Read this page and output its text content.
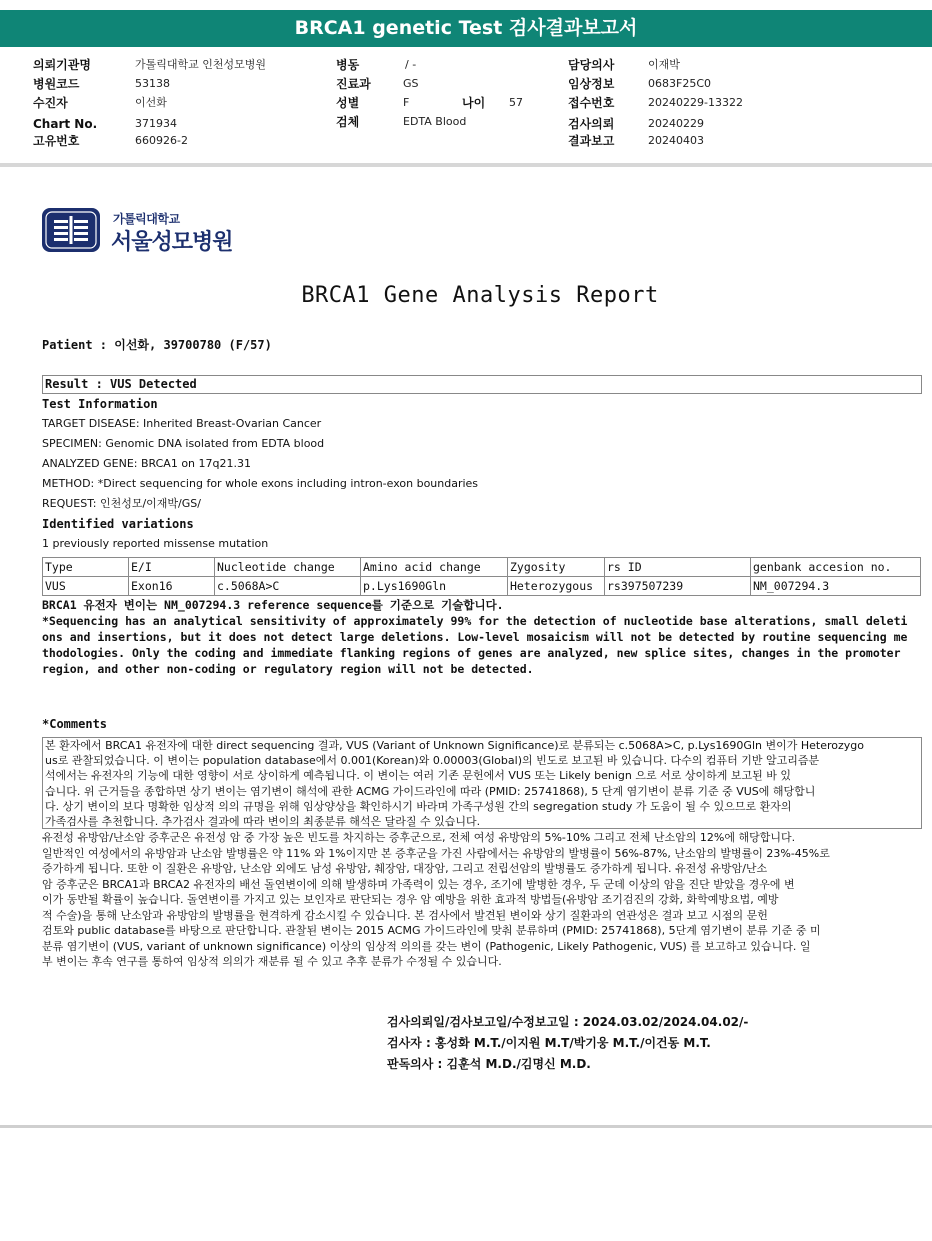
BRCA1 genetic Test 검사결과보고서
의뢰기관명	가톨릭대학교 인천성모병원
병원코드	53138
수진자	이선화
Chart No.	371934
고유번호	660926-2
병동	/ -
진료과	GS
성별	F	나이 57
검체	EDTA Blood
담당의사	이재박
임상정보	0683F25C0
접수번호	20240229-13322
검사의뢰	20240229
결과보고	20240403
가톨릭대학교
서울성모병원
BRCA1 Gene Analysis Report
Patient : 이선화, 39700780 (F/57)
Result : VUS Detected
Test Information
TARGET DISEASE: Inherited Breast-Ovarian Cancer
SPECIMEN: Genomic DNA isolated from EDTA blood
ANALYZED GENE: BRCA1 on 17q21.31
METHOD: *Direct sequencing for whole exons including intron-exon boundaries
REQUEST: 인천성모/이재박/GS/
Identified variations
1 previously reported missense mutation
Type	E/I	Nucleotide change	Amino acid change	Zygosity	rs ID	genbank accesion no.
VUS	Exon16	c.5068A>C	p.Lys1690Gln	Heterozygous	rs397507239	NM_007294.3
BRCA1 유전자 변이는 NM_007294.3 reference sequence를 기준으로 기술합니다.
*Sequencing has an analytical sensitivity of approximately 99% for the detection of nucleotide base alterations, small deleti
ons and insertions, but it does not detect large deletions. Low-level mosaicism will not be detected by routine sequencing me
thodologies. Only the coding and immediate flanking regions of genes are analyzed, new splice sites, changes in the promoter
region, and other non-coding or regulatory region will not be detected.
*Comments
본 환자에서 BRCA1 유전자에 대한 direct sequencing 결과, VUS (Variant of Unknown Significance)로 분류되는 c.5068A>C, p.Lys1690Gln 변이가 Heterozygo
us로 관찰되었습니다. 이 변이는 population database에서 0.001(Korean)와 0.00003(Global)의 빈도로 보고된 바 있습니다. 다수의 컴퓨터 기반 알고리즘분
석에서는 유전자의 기능에 대한 영향이 서로 상이하게 예측됩니다. 이 변이는 여러 기존 문헌에서 VUS 또는 Likely benign 으로 서로 상이하게 보고된 바 있
습니다. 위 근거들을 종합하면 상기 변이는 염기변이 해석에 관한 ACMG 가이드라인에 따라 (PMID: 25741868), 5 단계 염기변이 분류 기준 중 VUS에 해당합니
다. 상기 변이의 보다 명확한 임상적 의의 규명을 위해 임상양상을 확인하시기 바라며 가족구성원 간의 segregation study 가 도움이 될 수 있으므로 환자의
가족검사를 추천합니다. 추가검사 결과에 따라 변이의 최종분류 해석은 달라질 수 있습니다.
유전성 유방암/난소암 증후군은 유전성 암 중 가장 높은 빈도를 차지하는 증후군으로, 전체 여성 유방암의 5%-10% 그리고 전체 난소암의 12%에 해당합니다.
일반적인 여성에서의 유방암과 난소암 발병률은 약 11% 와 1%이지만 본 증후군을 가진 사람에서는 유방암의 발병률이 56%-87%, 난소암의 발병률이 23%-45%로
증가하게 됩니다. 또한 이 질환은 유방암, 난소암 외에도 남성 유방암, 췌장암, 대장암, 그리고 전립선암의 발병률도 증가하게 됩니다. 유전성 유방암/난소
암 증후군은 BRCA1과 BRCA2 유전자의 배선 돌연변이에 의해 발생하며 가족력이 있는 경우, 조기에 발병한 경우, 두 군데 이상의 암을 진단 받았을 경우에 변
이가 동반될 확률이 높습니다. 돌연변이를 가지고 있는 보인자로 판단되는 경우 암 예방을 위한 효과적 방법들(유방암 조기검진의 강화, 화학예방요법, 예방
적 수술)을 통해 난소암과 유방암의 발병률을 현격하게 감소시킬 수 있습니다. 본 검사에서 발견된 변이와 상기 질환과의 연관성은 결과 보고 시점의 문헌
검토와 public database를 바탕으로 판단합니다. 관찰된 변이는 2015 ACMG 가이드라인에 맞춰 분류하며 (PMID: 25741868), 5단계 염기변이 분류 기준 중 미
분류 염기변이 (VUS, variant of unknown significance) 이상의 임상적 의의를 갖는 변이 (Pathogenic, Likely Pathogenic, VUS) 를 보고하고 있습니다. 일
부 변이는 후속 연구를 통하여 임상적 의의가 재분류 될 수 있고 추후 분류가 수정될 수 있습니다.
검사의뢰일/검사보고일/수정보고일 : 2024.03.02/2024.04.02/-
검사자 : 홍성화 M.T./이지원 M.T/박기웅 M.T./이건동 M.T.
판독의사 : 김훈석 M.D./김명신 M.D.
